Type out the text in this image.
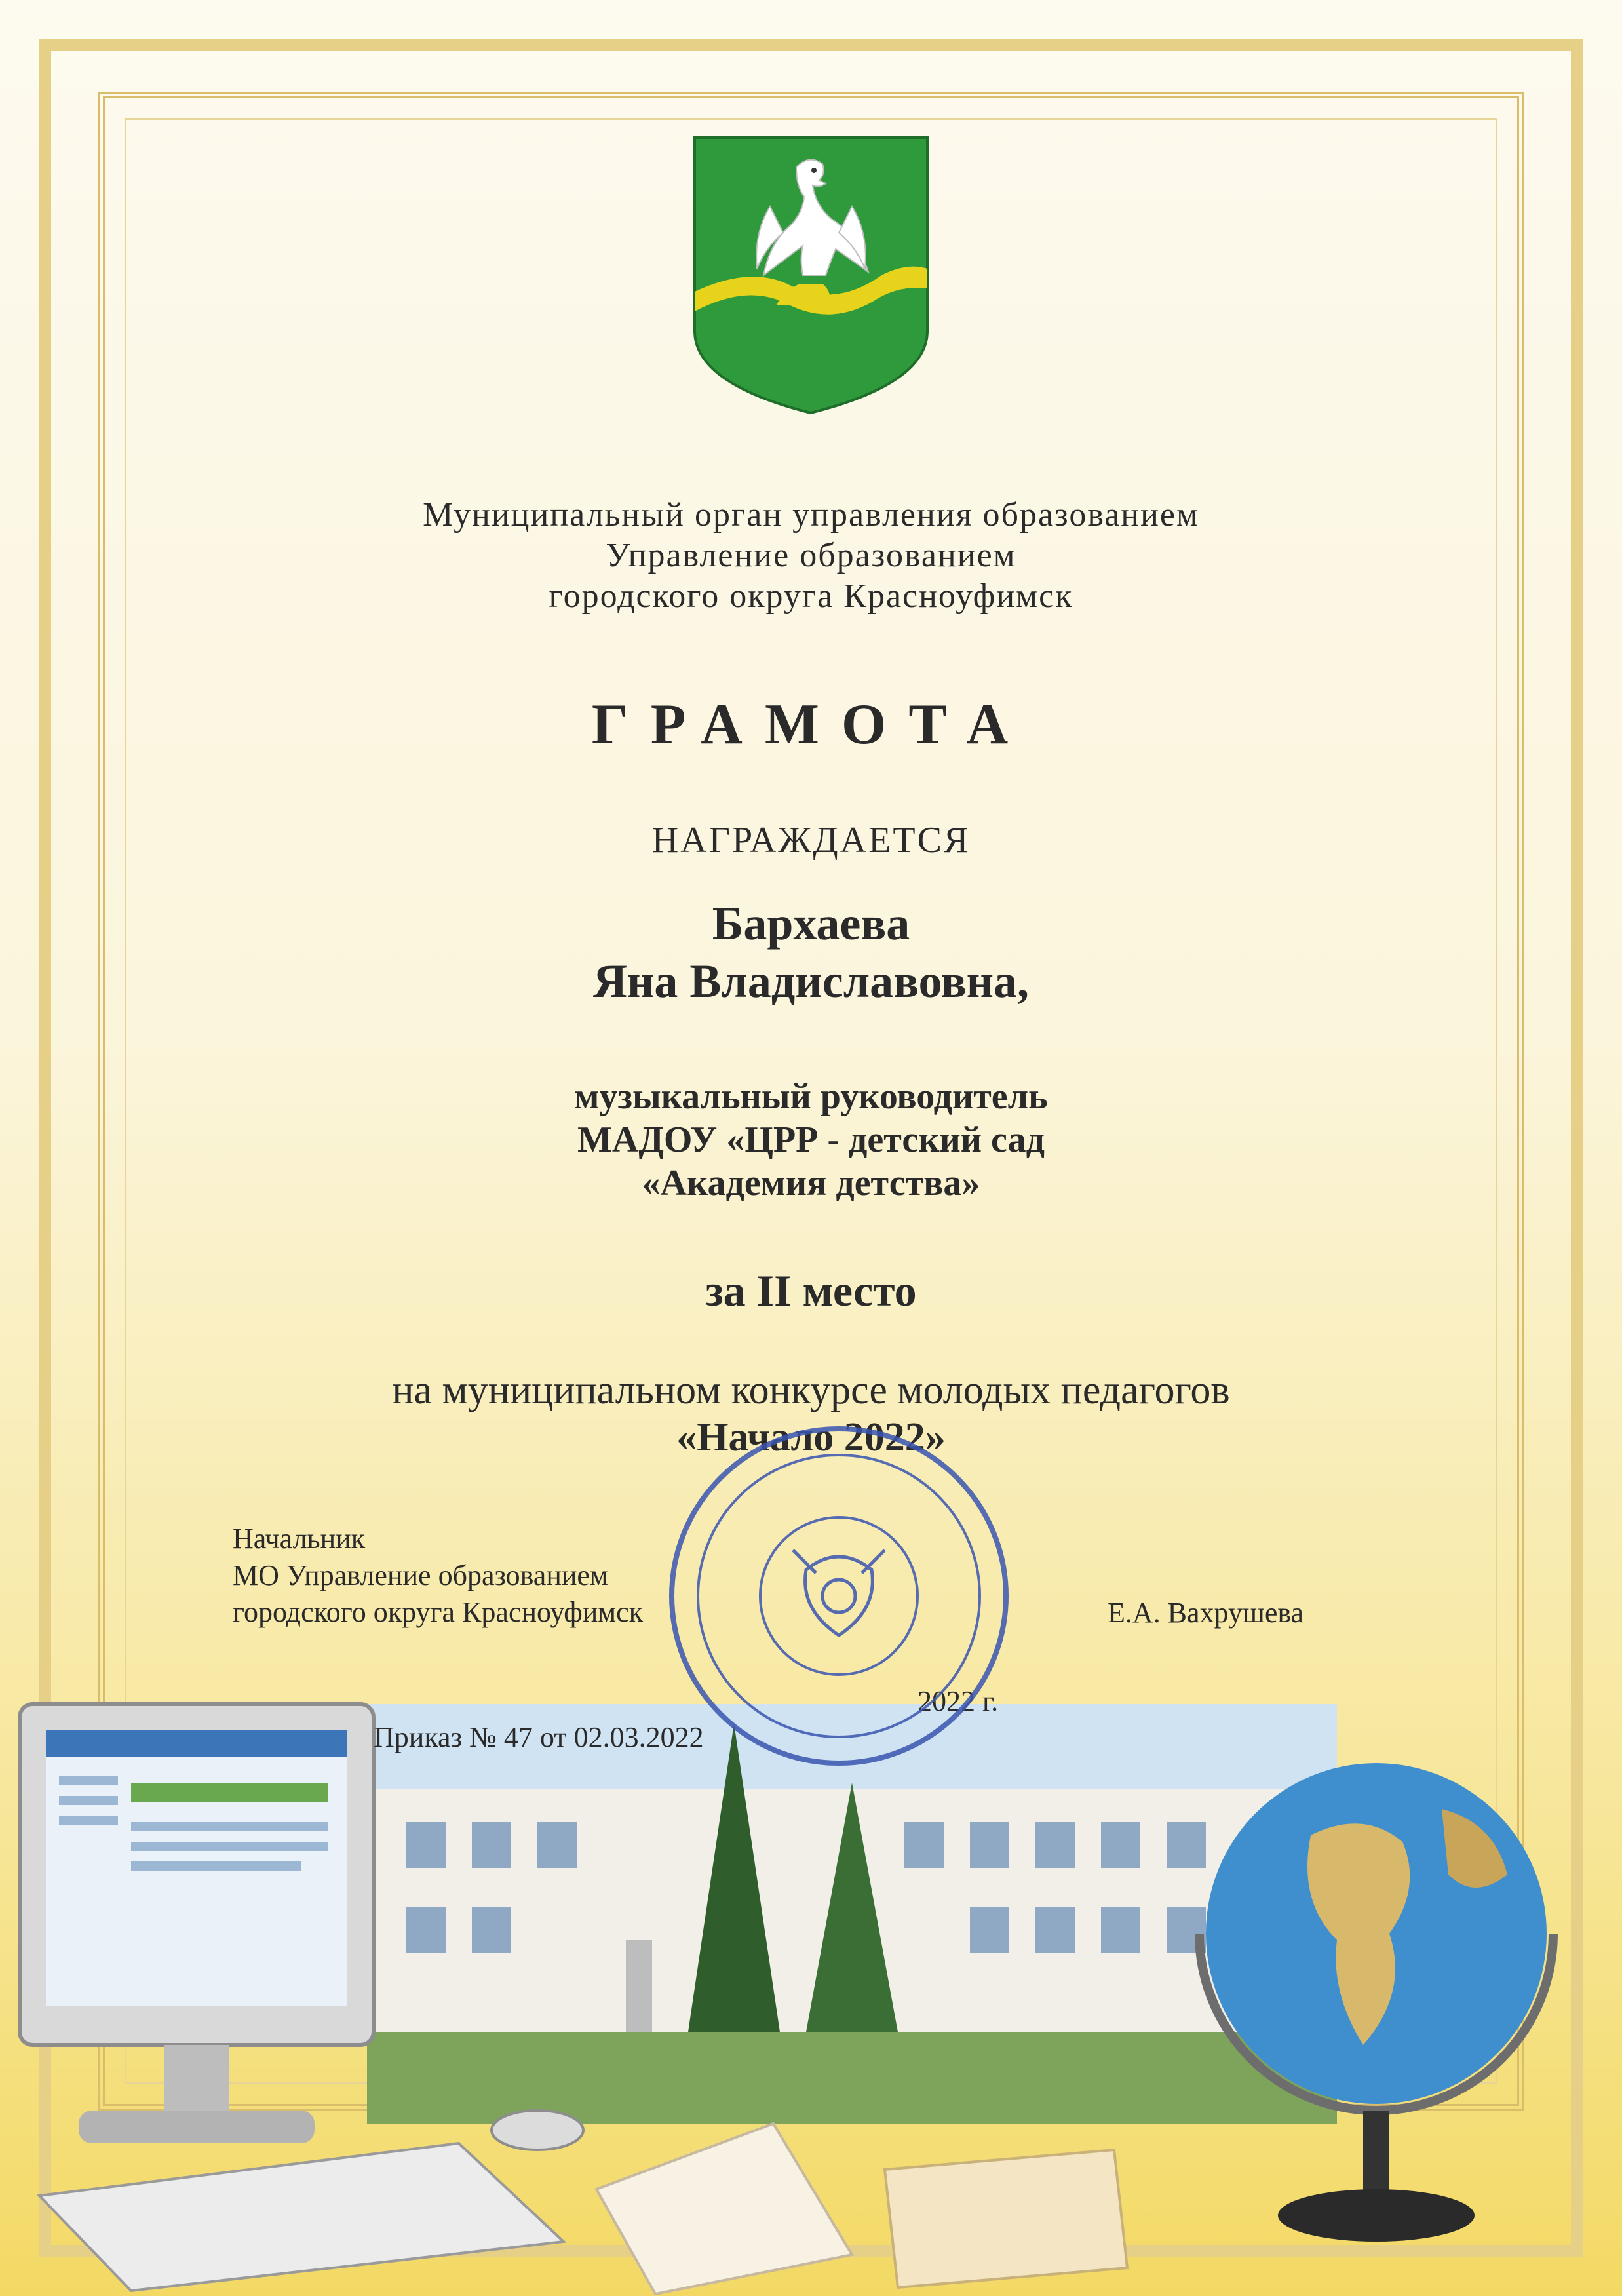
Муниципальный орган управления образованием
Управление образованием
городского округа Красноуфимск
ГРАМОТА
НАГРАЖДАЕТСЯ
Бархаева
Яна Владиславовна,
музыкальный руководитель
МАДОУ «ЦРР - детский сад
«Академия детства»
за II место
на муниципальном конкурсе молодых педагогов
«Начало 2022»
Начальник
МО Управление образованием
городского округа Красноуфимск	Е.А. Вахрушева
2022 г.
Приказ № 47 от 02.03.2022
